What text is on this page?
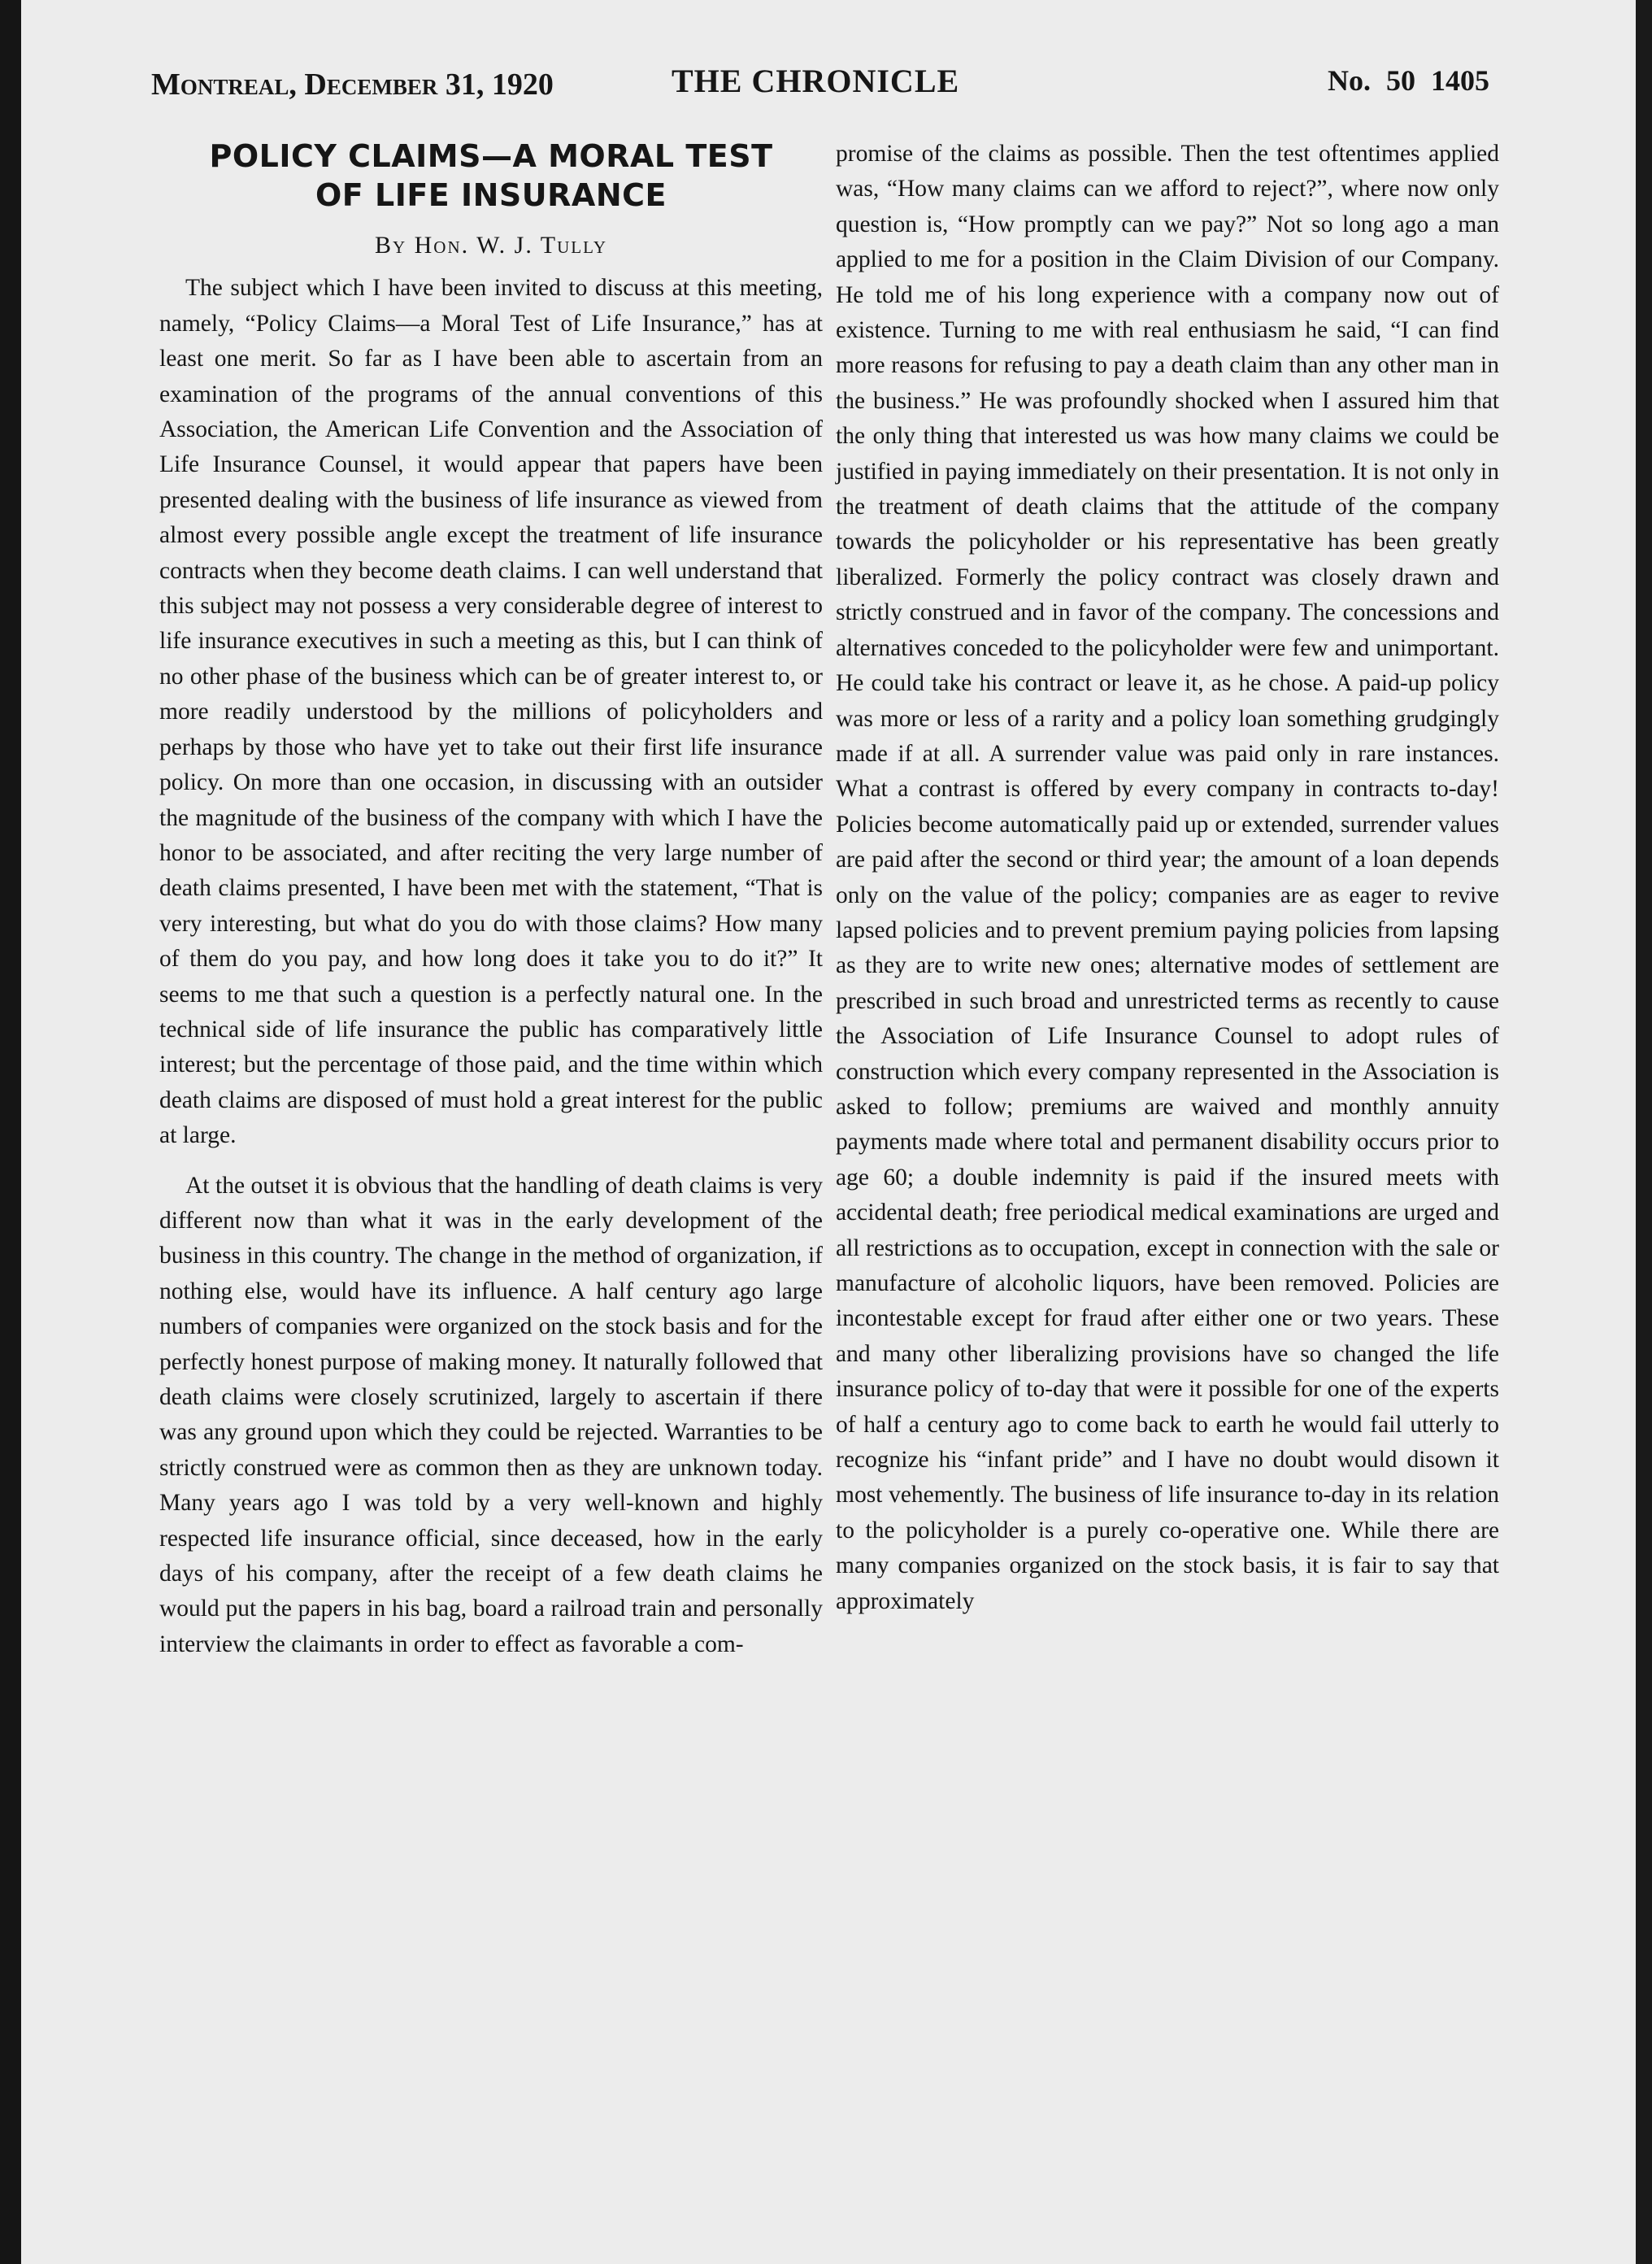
Montreal, December 31, 1920	THE CHRONICLE	No. 50 1405
POLICY CLAIMS—A MORAL TEST
OF LIFE INSURANCE
By Hon. W. J. Tully

The subject which I have been invited to discuss at this meeting, namely, “Policy Claims—a Moral Test of Life Insurance,” has at least one merit. So far as I have been able to ascertain from an examination of the programs of the annual conventions of this Association, the American Life Convention and the Association of Life Insurance Counsel, it would appear that papers have been presented dealing with the business of life insurance as viewed from almost every possible angle except the treatment of life insurance contracts when they become death claims. I can well understand that this subject may not possess a very considerable degree of interest to life insurance executives in such a meeting as this, but I can think of no other phase of the business which can be of greater interest to, or more readily understood by the millions of policyholders and perhaps by those who have yet to take out their first life insurance policy. On more than one occasion, in discussing with an outsider the magnitude of the business of the company with which I have the honor to be associated, and after reciting the very large number of death claims presented, I have been met with the statement, “That is very interesting, but what do you do with those claims? How many of them do you pay, and how long does it take you to do it?” It seems to me that such a question is a perfectly natural one. In the technical side of life insurance the public has comparatively little interest; but the percentage of those paid, and the time within which death claims are disposed of must hold a great interest for the public at large.

At the outset it is obvious that the handling of death claims is very different now than what it was in the early development of the business in this country. The change in the method of organization, if nothing else, would have its influence. A half century ago large numbers of companies were organized on the stock basis and for the perfectly honest purpose of making money. It naturally followed that death claims were closely scrutinized, largely to ascertain if there was any ground upon which they could be rejected. Warranties to be strictly construed were as common then as they are unknown today. Many years ago I was told by a very well-known and highly respected life insurance official, since deceased, how in the early days of his company, after the receipt of a few death claims he would put the papers in his bag, board a railroad train and personally interview the claimants in order to effect as favorable a com-

promise of the claims as possible. Then the test oftentimes applied was, “How many claims can we afford to reject?”, where now only question is, “How promptly can we pay?” Not so long ago a man applied to me for a position in the Claim Division of our Company. He told me of his long experience with a company now out of existence. Turning to me with real enthusiasm he said, “I can find more reasons for refusing to pay a death claim than any other man in the business.” He was profoundly shocked when I assured him that the only thing that interested us was how many claims we could be justified in paying immediately on their presentation. It is not only in the treatment of death claims that the attitude of the company towards the policyholder or his representative has been greatly liberalized. Formerly the policy contract was closely drawn and strictly construed and in favor of the company. The concessions and alternatives conceded to the policyholder were few and unimportant. He could take his contract or leave it, as he chose. A paid-up policy was more or less of a rarity and a policy loan something grudgingly made if at all. A surrender value was paid only in rare instances. What a contrast is offered by every company in contracts to-day! Policies become automatically paid up or extended, surrender values are paid after the second or third year; the amount of a loan depends only on the value of the policy; companies are as eager to revive lapsed policies and to prevent premium paying policies from lapsing as they are to write new ones; alternative modes of settlement are prescribed in such broad and unrestricted terms as recently to cause the Association of Life Insurance Counsel to adopt rules of construction which every company represented in the Association is asked to follow; premiums are waived and monthly annuity payments made where total and permanent disability occurs prior to age 60; a double indemnity is paid if the insured meets with accidental death; free periodical medical examinations are urged and all restrictions as to occupation, except in connection with the sale or manufacture of alcoholic liquors, have been removed. Policies are incontestable except for fraud after either one or two years. These and many other liberalizing provisions have so changed the life insurance policy of to-day that were it possible for one of the experts of half a century ago to come back to earth he would fail utterly to recognize his “infant pride” and I have no doubt would disown it most vehemently. The business of life insurance to-day in its relation to the policyholder is a purely co-operative one. While there are many companies organized on the stock basis, it is fair to say that approximately
